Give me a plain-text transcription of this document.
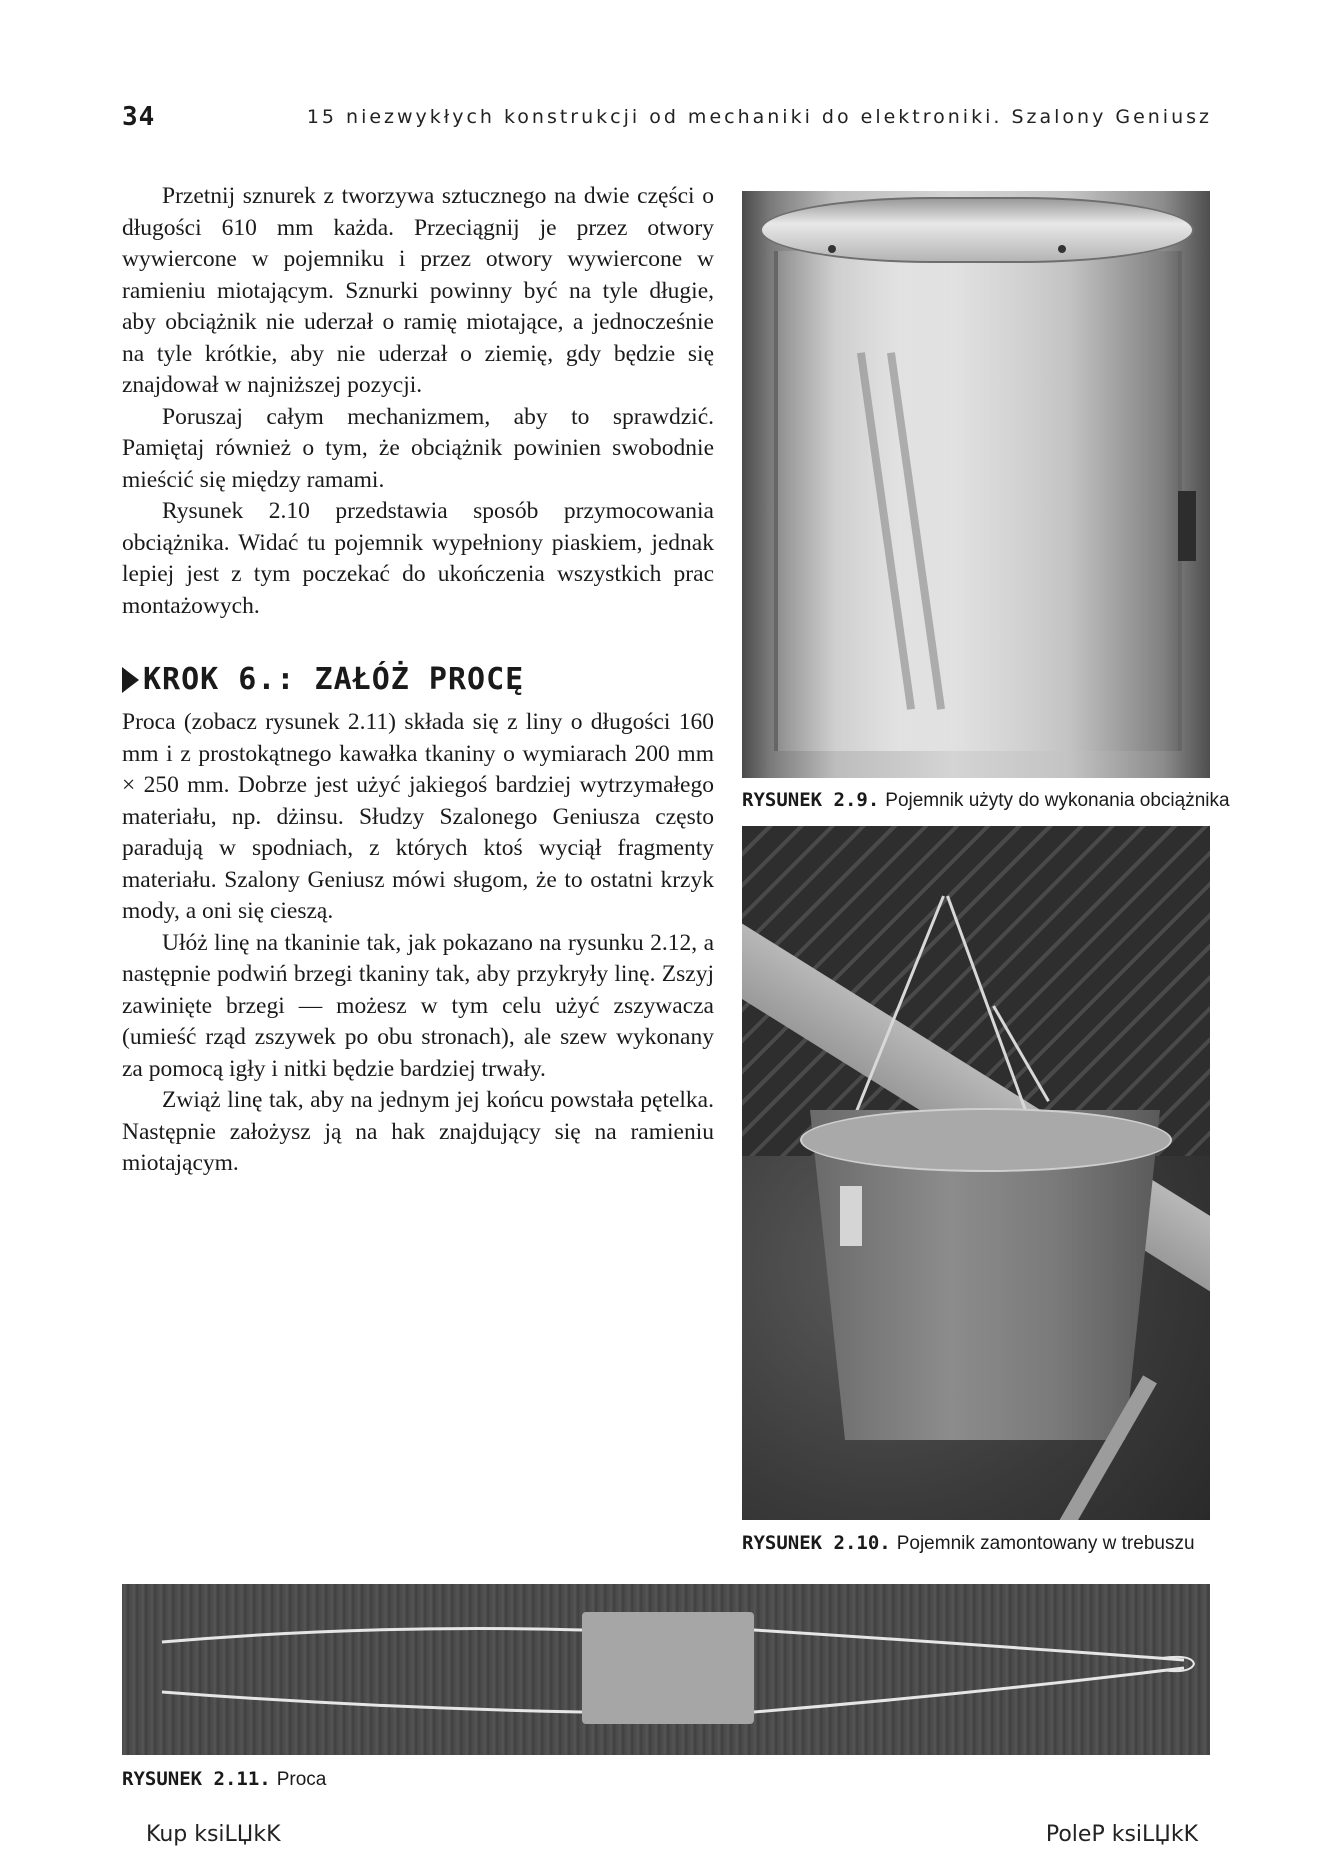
34	15 niezwykłych konstrukcji od mechaniki do elektroniki. Szalony Geniusz

Przetnij sznurek z tworzywa sztucznego na dwie części o długości 610 mm każda. Przeciągnij je przez otwory wywiercone w pojemniku i przez otwory wywiercone w ramieniu miotającym. Sznurki powinny być na tyle długie, aby obciążnik nie uderzał o ramię miotające, a jednocześnie na tyle krótkie, aby nie uderzał o ziemię, gdy będzie się znajdował w najniższej pozycji.

Poruszaj całym mechanizmem, aby to sprawdzić. Pamiętaj również o tym, że obciążnik powinien swobodnie mieścić się między ramami.

Rysunek 2.10 przedstawia sposób przymocowania obciążnika. Widać tu pojemnik wypełniony piaskiem, jednak lepiej jest z tym poczekać do ukończenia wszystkich prac montażowych.

KROK 6.: ZAŁÓŻ PROCĘ

Proca (zobacz rysunek 2.11) składa się z liny o długości 160 mm i z prostokątnego kawałka tkaniny o wymiarach 200 mm × 250 mm. Dobrze jest użyć jakiegoś bardziej wytrzymałego materiału, np. dżinsu. Słudzy Szalonego Geniusza często paradują w spodniach, z których ktoś wyciął fragmenty materiału. Szalony Geniusz mówi sługom, że to ostatni krzyk mody, a oni się cieszą.

Ułóż linę na tkaninie tak, jak pokazano na rysunku 2.12, a następnie podwiń brzegi tkaniny tak, aby przykryły linę. Zszyj zawinięte brzegi — możesz w tym celu użyć zszywacza (umieść rząd zszywek po obu stronach), ale szew wykonany za pomocą igły i nitki będzie bardziej trwały.

Zwiąż linę tak, aby na jednym jej końcu powstała pętelka. Następnie założysz ją na hak znajdujący się na ramieniu miotającym.

RYSUNEK 2.9. Pojemnik użyty do wykonania obciążnika
RYSUNEK 2.10. Pojemnik zamontowany w trebuszu
RYSUNEK 2.11. Proca
Kup ksiLЏkK	PoleP ksiLЏkK
